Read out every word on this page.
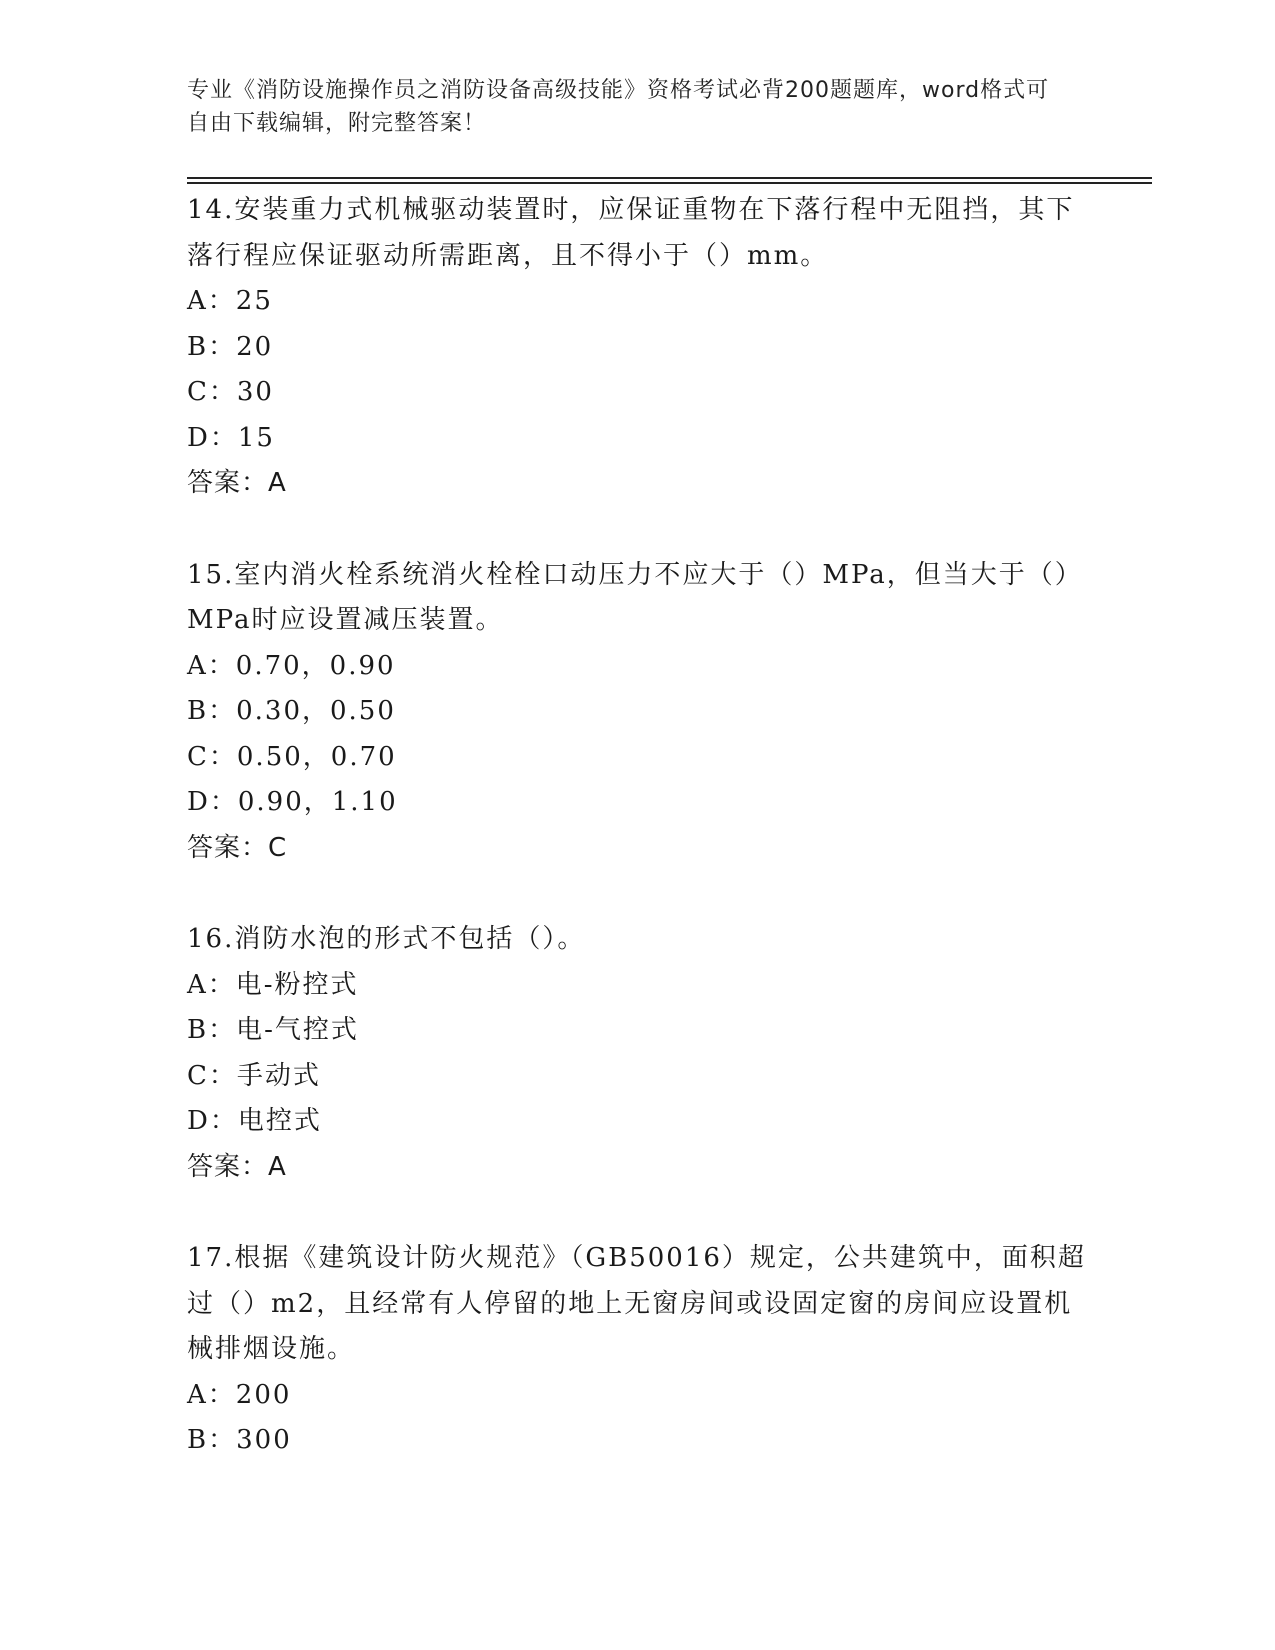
专业《消防设施操作员之消防设备高级技能》资格考试必背200题题库，word格式可自由下载编辑，附完整答案！

14.安装重力式机械驱动装置时，应保证重物在下落行程中无阻挡，其下落行程应保证驱动所需距离，且不得小于（）mm。

A：25

B：20

C：30

D：15

答案：A

15.室内消火栓系统消火栓栓口动压力不应大于（）MPa，但当大于（）MPa时应设置减压装置。

A：0.70，0.90

B：0.30，0.50

C：0.50，0.70

D：0.90，1.10

答案：C

16.消防水泡的形式不包括（）。

A：电-粉控式

B：电-气控式

C：手动式

D：电控式

答案：A

17.根据《建筑设计防火规范》（GB50016）规定，公共建筑中，面积超过（）m2，且经常有人停留的地上无窗房间或设固定窗的房间应设置机械排烟设施。

A：200

B：300
